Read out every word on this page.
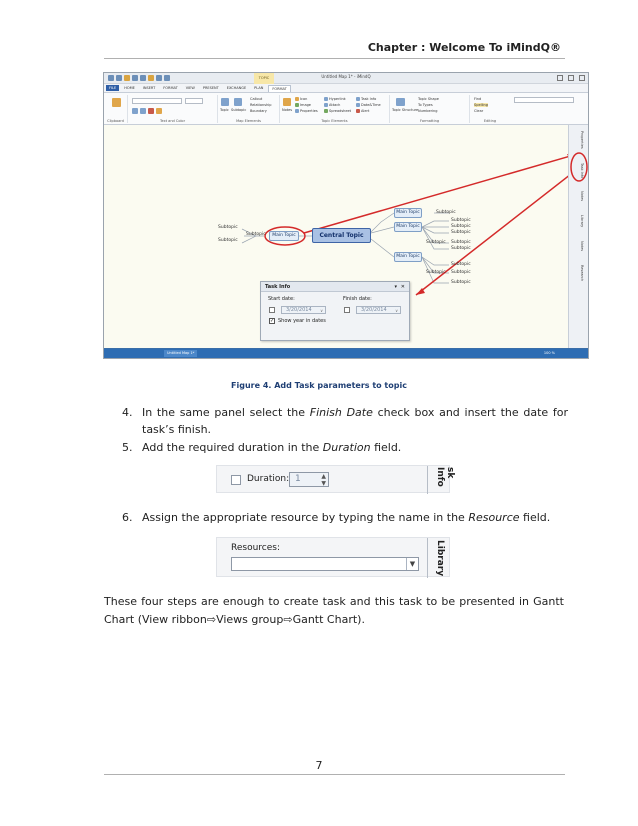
Chapter : Welcome To iMindQ®
TOPIC	Untitled Map 1* - iMindQ
FILE	HOME	INSERT	FORMAT	VIEW	PRESENT	EXCHANGE	PLAN	FORMAT
Clipboard	Text and Color
Topic Subtopic
Callout
Relationship
Boundary
Map Elements
Notes
Icon
Image
Properties
Hyperlink
Attach
Spreadsheet
Task Info
Date&Time
Alert
Topic Elements
Topic Structure
Topic Shape
To Types
Numbering
Formatting
Find
Spelling
Clear
Editing
Subtopic
Subtopic
Subtopic	Main Topic	Central Topic
Main Topic
Main Topic
Main Topic
Subtopic
Subtopic
Subtopic
Subtopic
Subtopic Subtopic
Subtopic
Subtopic
Subtopic Subtopic
Subtopic
Task Info	▾ ✕
Start date:	Finish date:
3/20/2014 ∨	3/20/2014 ∨
✓ Show year in dates
Properties
Task Info
Notes
Library
Notes
Research
Untitled Map 1*	100 %
Figure 4. Add Task parameters to topic
4. In the same panel select the Finish Date check box and insert the date for task’s finish.
5. Add the required duration in the Duration field.
Duration: 1	▲
▼
sk Info
6. Assign the appropriate resource by typing the name in the Resource field.
Resources:
▼	Library
These four steps are enough to create task and this task to be presented in Gantt Chart (View ribbon⇨Views group⇨Gantt Chart).
7
